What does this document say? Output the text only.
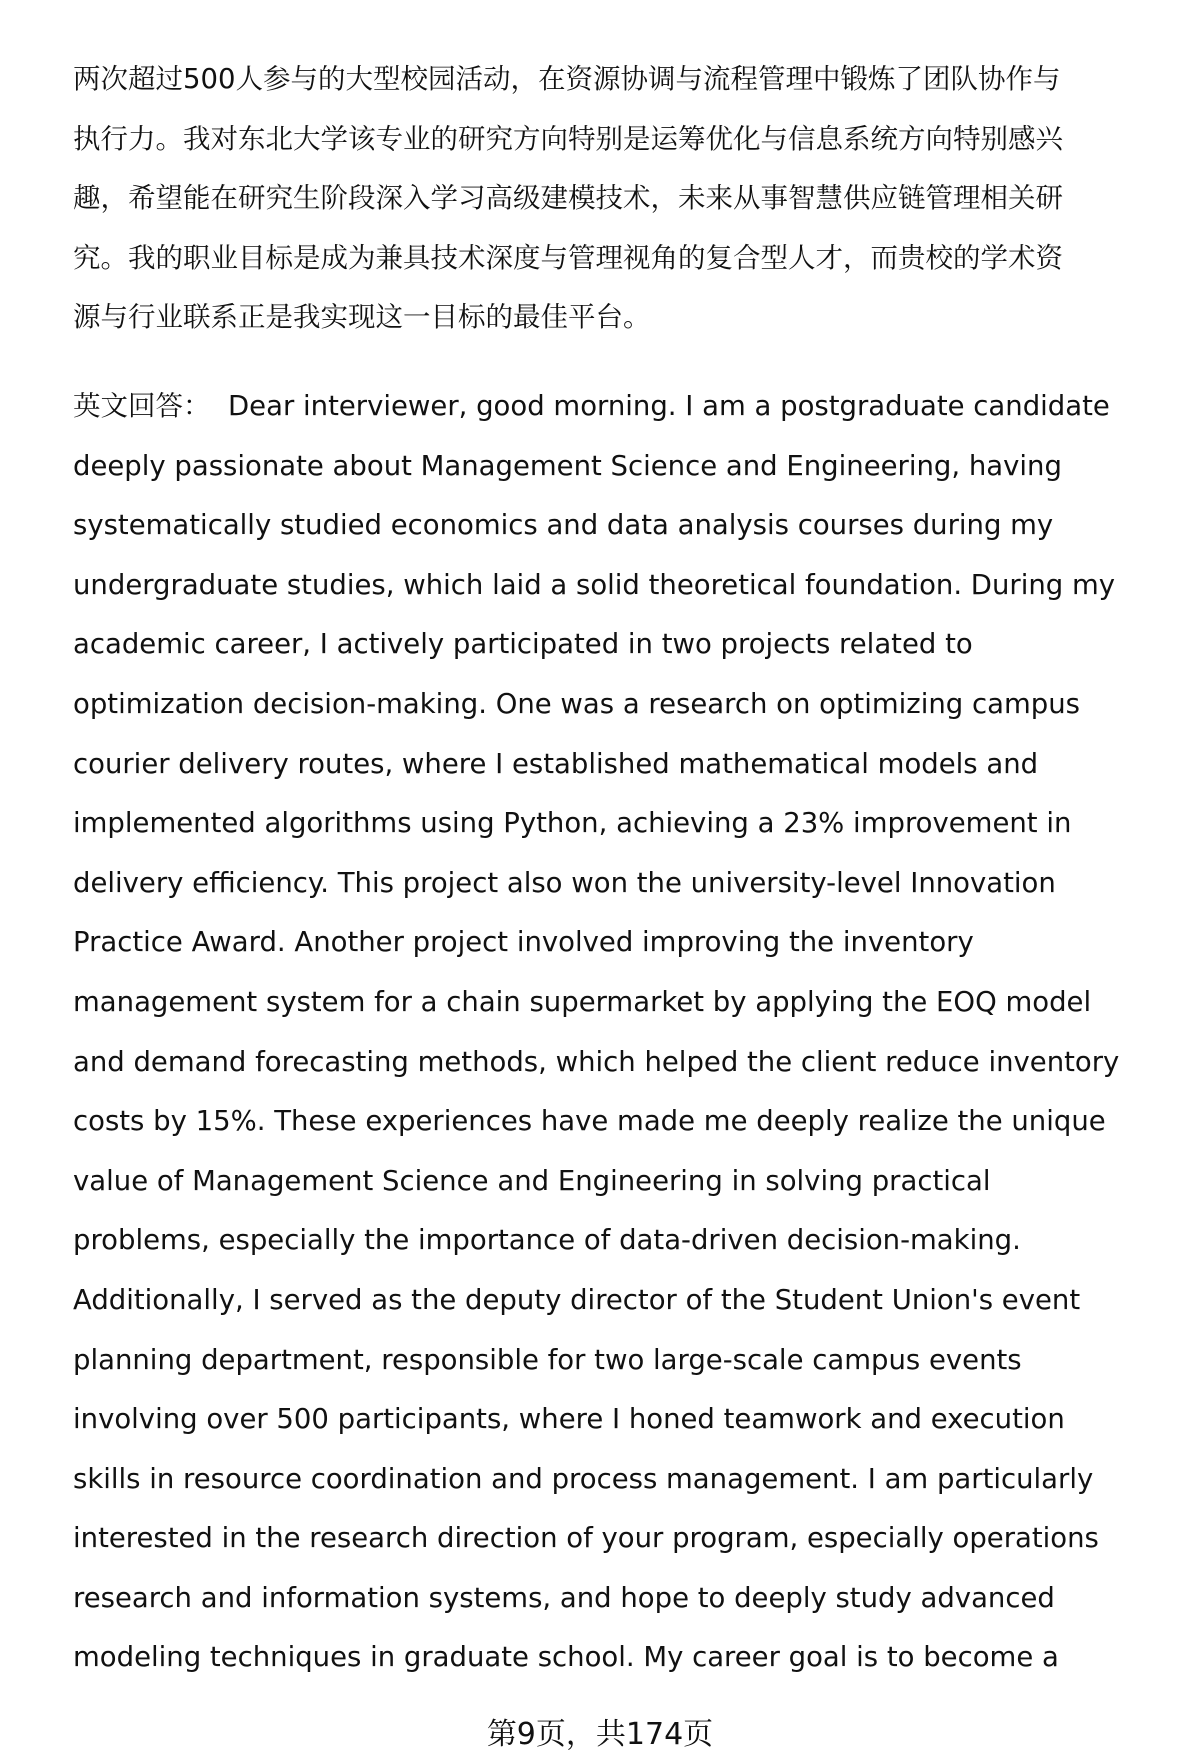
两次超过500人参与的大型校园活动，在资源协调与流程管理中锻炼了团队协作与
执行力。我对东北大学该专业的研究方向特别是运筹优化与信息系统方向特别感兴
趣，希望能在研究生阶段深入学习高级建模技术，未来从事智慧供应链管理相关研
究。我的职业目标是成为兼具技术深度与管理视角的复合型人才，而贵校的学术资
源与行业联系正是我实现这一目标的最佳平台。
英文回答： Dear interviewer, good morning. I am a postgraduate candidate
deeply passionate about Management Science and Engineering, having
systematically studied economics and data analysis courses during my
undergraduate studies, which laid a solid theoretical foundation. During my
academic career, I actively participated in two projects related to
optimization decision-making. One was a research on optimizing campus
courier delivery routes, where I established mathematical models and
implemented algorithms using Python, achieving a 23% improvement in
delivery efficiency. This project also won the university-level Innovation
Practice Award. Another project involved improving the inventory
management system for a chain supermarket by applying the EOQ model
and demand forecasting methods, which helped the client reduce inventory
costs by 15%. These experiences have made me deeply realize the unique
value of Management Science and Engineering in solving practical
problems, especially the importance of data-driven decision-making.
Additionally, I served as the deputy director of the Student Union's event
planning department, responsible for two large-scale campus events
involving over 500 participants, where I honed teamwork and execution
skills in resource coordination and process management. I am particularly
interested in the research direction of your program, especially operations
research and information systems, and hope to deeply study advanced
modeling techniques in graduate school. My career goal is to become a
第9页，共174页
